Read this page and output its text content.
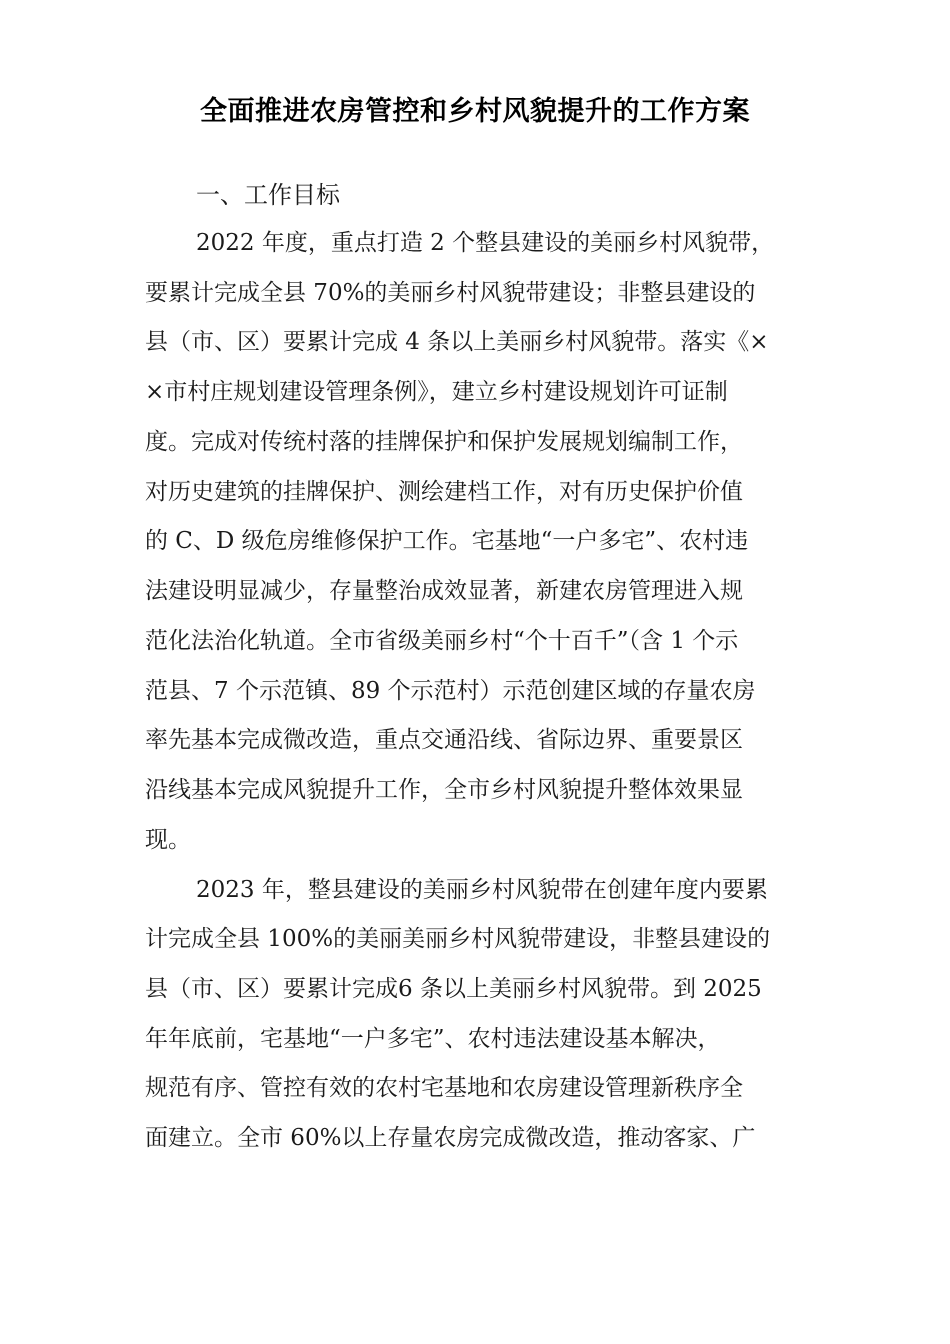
全面推进农房管控和乡村风貌提升的工作方案
一、工作目标
2022 年度，重点打造 2 个整县建设的美丽乡村风貌带，
要累计完成全县 70%的美丽乡村风貌带建设；非整县建设的
县（市、区）要累计完成 4 条以上美丽乡村风貌带。落实《×
×市村庄规划建设管理条例》，建立乡村建设规划许可证制
度。完成对传统村落的挂牌保护和保护发展规划编制工作，
对历史建筑的挂牌保护、测绘建档工作，对有历史保护价值
的 C、D 级危房维修保护工作。宅基地“一户多宅”、农村违
法建设明显减少，存量整治成效显著，新建农房管理进入规
范化法治化轨道。全市省级美丽乡村“个十百千”（含 1 个示
范县、7 个示范镇、89 个示范村）示范创建区域的存量农房
率先基本完成微改造，重点交通沿线、省际边界、重要景区
沿线基本完成风貌提升工作，全市乡村风貌提升整体效果显
现。
2023 年，整县建设的美丽乡村风貌带在创建年度内要累
计完成全县 100%的美丽美丽乡村风貌带建设，非整县建设的
县（市、区）要累计完成6 条以上美丽乡村风貌带。到 2025
年年底前，宅基地“一户多宅”、农村违法建设基本解决，
规范有序、管控有效的农村宅基地和农房建设管理新秩序全
面建立。全市 60%以上存量农房完成微改造，推动客家、广
